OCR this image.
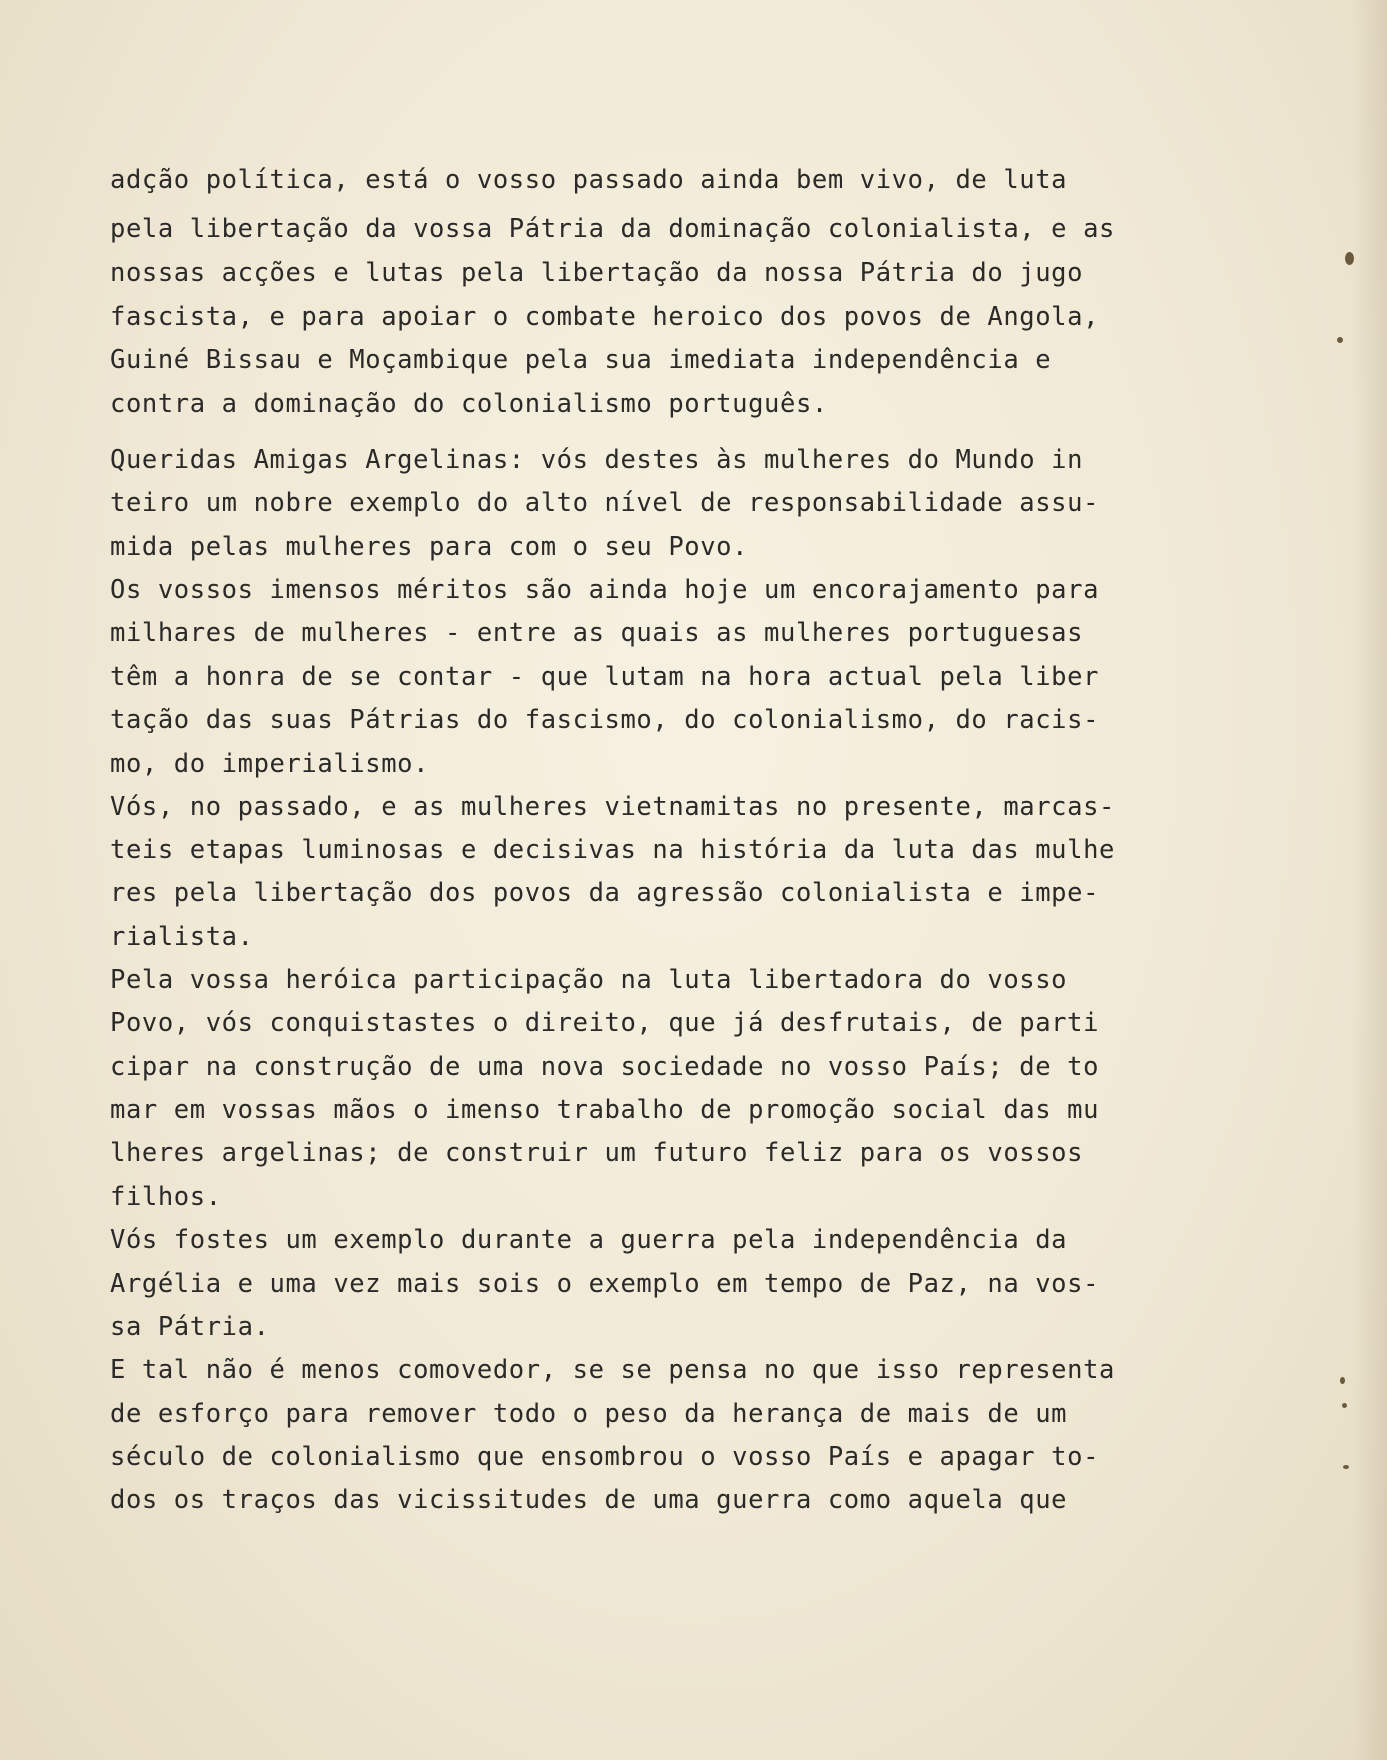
adção política, está o vosso passado ainda bem vivo, de luta
pela libertação da vossa Pátria da dominação colonialista, e as
nossas acções e lutas pela libertação da nossa Pátria do jugo
fascista, e para apoiar o combate heroico dos povos de Angola,
Guiné Bissau e Moçambique pela sua imediata independência e
contra a dominação do colonialismo português.
Queridas Amigas Argelinas: vós destes às mulheres do Mundo in
teiro um nobre exemplo do alto nível de responsabilidade assu-
mida pelas mulheres para com o seu Povo.
Os vossos imensos méritos são ainda hoje um encorajamento para
milhares de mulheres - entre as quais as mulheres portuguesas
têm a honra de se contar - que lutam na hora actual pela liber
tação das suas Pátrias do fascismo, do colonialismo, do racis-
mo, do imperialismo.
Vós, no passado, e as mulheres vietnamitas no presente, marcas-
teis etapas luminosas e decisivas na história da luta das mulhe
res pela libertação dos povos da agressão colonialista e impe-
rialista.
Pela vossa heróica participação na luta libertadora do vosso
Povo, vós conquistastes o direito, que já desfrutais, de parti
cipar na construção de uma nova sociedade no vosso País; de to
mar em vossas mãos o imenso trabalho de promoção social das mu
lheres argelinas; de construir um futuro feliz para os vossos
filhos.
Vós fostes um exemplo durante a guerra pela independência da
Argélia e uma vez mais sois o exemplo em tempo de Paz, na vos-
sa Pátria.
E tal não é menos comovedor, se se pensa no que isso representa
de esforço para remover todo o peso da herança de mais de um
século de colonialismo que ensombrou o vosso País e apagar to-
dos os traços das vicissitudes de uma guerra como aquela que
